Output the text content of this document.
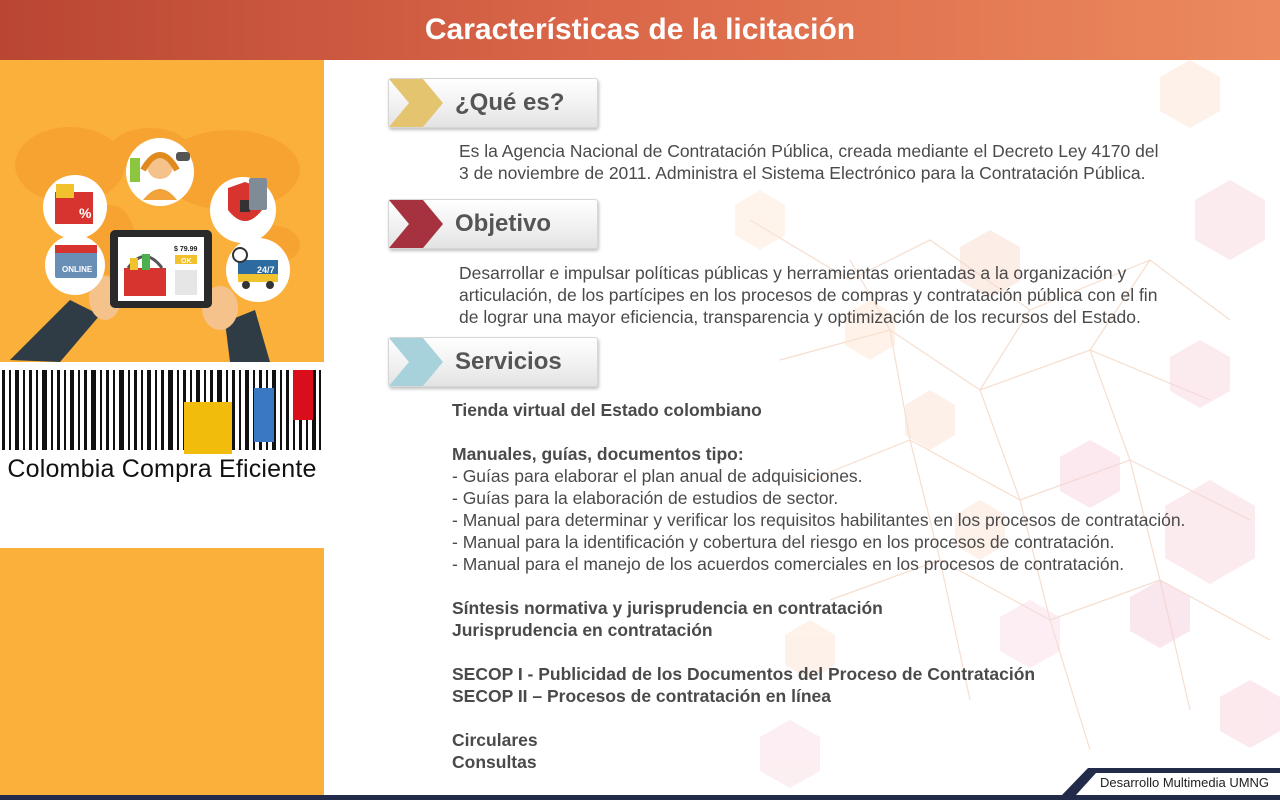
Características de la licitación
$ 79.99
OK
ONLINE
%
24/7
Colombia Compra Eficiente
¿Qué es?
Es la Agencia Nacional de Contratación Pública, creada mediante el Decreto Ley 4170 del
3 de noviembre de 2011. Administra el Sistema Electrónico para la Contratación Pública.
Objetivo
Desarrollar e impulsar políticas públicas y herramientas orientadas a la organización y
articulación, de los partícipes en los procesos de compras y contratación pública con el fin
de lograr una mayor eficiencia, transparencia y optimización de los recursos del Estado.
Servicios
Tienda virtual del Estado colombiano
Manuales, guías, documentos tipo:
- Guías para elaborar el plan anual de adquisiciones.
- Guías para la elaboración de estudios de sector.
- Manual para determinar y verificar los requisitos habilitantes en los procesos de contratación.
- Manual para la identificación y cobertura del riesgo en los procesos de contratación.
- Manual para el manejo de los acuerdos comerciales en los procesos de contratación.
Síntesis normativa y jurisprudencia en contratación
Jurisprudencia en contratación
SECOP I - Publicidad de los Documentos del Proceso de Contratación
SECOP II – Procesos de contratación en línea
Circulares
Consultas
Desarrollo Multimedia UMNG
